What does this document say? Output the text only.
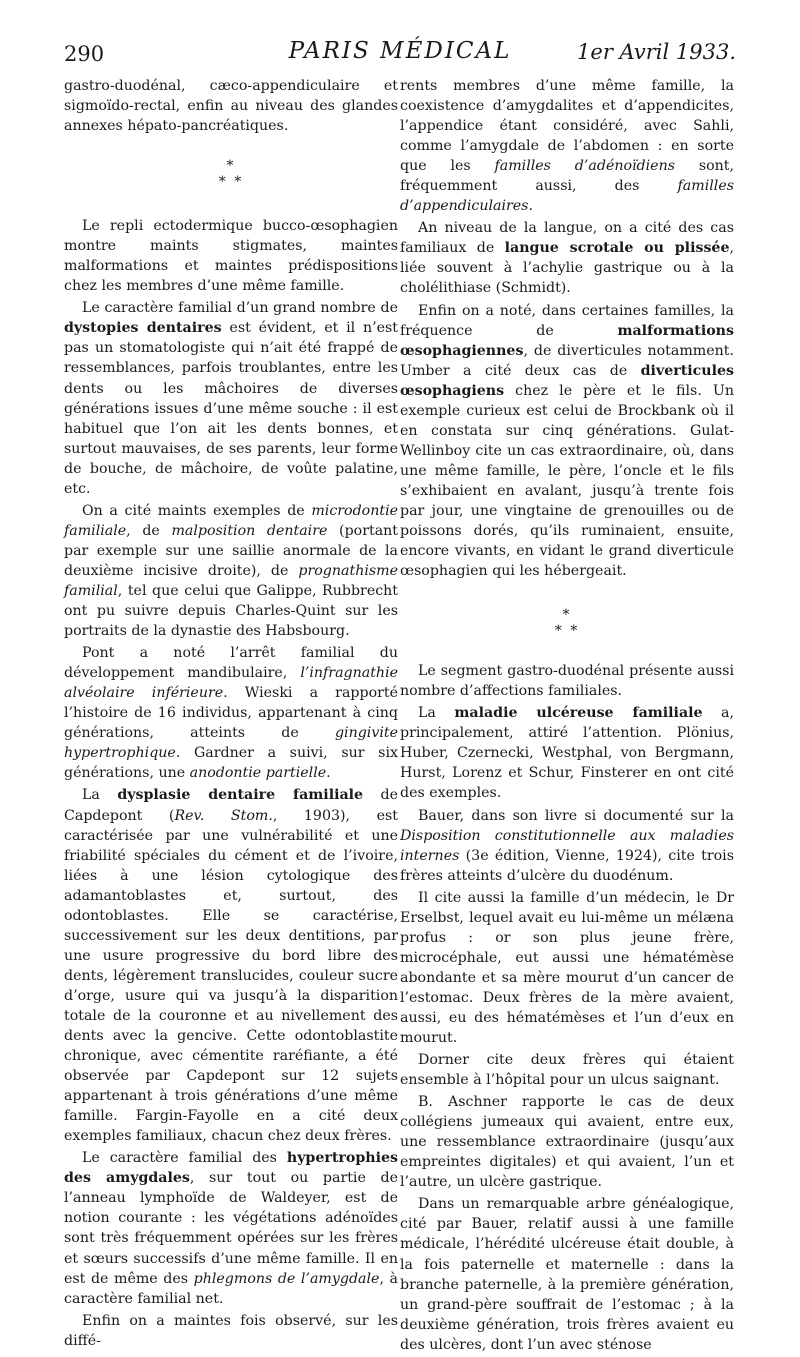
290	PARIS MÉDICAL	1er Avril 1933.

gastro-duodénal, cæco-appendiculaire et sigmoïdo-rectal, enfin au niveau des glandes annexes hépato-pancréatiques.

*
* *

Le repli ectodermique bucco-œsophagien montre maints stigmates, maintes malformations et maintes prédispositions chez les membres d’une même famille.

Le caractère familial d’un grand nombre de dystopies dentaires est évident, et il n’est pas un stomatologiste qui n’ait été frappé de ressemblances, parfois troublantes, entre les dents ou les mâchoires de diverses générations issues d’une même souche : il est habituel que l’on ait les dents bonnes, et surtout mauvaises, de ses parents, leur forme de bouche, de mâchoire, de voûte palatine, etc.

On a cité maints exemples de microdontie familiale, de malposition dentaire (portant par exemple sur une saillie anormale de la deuxième incisive droite), de prognathisme familial, tel que celui que Galippe, Rubbrecht ont pu suivre depuis Charles-Quint sur les portraits de la dynastie des Habsbourg.

Pont a noté l’arrêt familial du développement mandibulaire, l’infragnathie alvéolaire inférieure. Wieski a rapporté l’histoire de 16 individus, appartenant à cinq générations, atteints de gingivite hypertrophique. Gardner a suivi, sur six générations, une anodontie partielle.

La dysplasie dentaire familiale de Capdepont (Rev. Stom., 1903), est caractérisée par une vulnérabilité et une friabilité spéciales du cément et de l’ivoire, liées à une lésion cytologique des adamantoblastes et, surtout, des odontoblastes. Elle se caractérise, successivement sur les deux dentitions, par une usure progressive du bord libre des dents, légèrement translucides, couleur sucre d’orge, usure qui va jusqu’à la disparition totale de la couronne et au nivellement des dents avec la gencive. Cette odontoblastite chronique, avec cémentite raréfiante, a été observée par Capdepont sur 12 sujets appartenant à trois générations d’une même famille. Fargin-Fayolle en a cité deux exemples familiaux, chacun chez deux frères.

Le caractère familial des hypertrophies des amygdales, sur tout ou partie de l’anneau lymphoïde de Waldeyer, est de notion courante : les végétations adénoïdes sont très fréquemment opérées sur les frères et sœurs successifs d’une même famille. Il en est de même des phlegmons de l’amygdale, à caractère familial net.

Enfin on a maintes fois observé, sur les diffé-

rents membres d’une même famille, la coexistence d’amygdalites et d’appendicites, l’appendice étant considéré, avec Sahli, comme l’amygdale de l’abdomen : en sorte que les familles d’adénoïdiens sont, fréquemment aussi, des familles d’appendiculaires.

An niveau de la langue, on a cité des cas familiaux de langue scrotale ou plissée, liée souvent à l’achylie gastrique ou à la cholélithiase (Schmidt).

Enfin on a noté, dans certaines familles, la fréquence de malformations œsophagiennes, de diverticules notamment. Umber a cité deux cas de diverticules œsophagiens chez le père et le fils. Un exemple curieux est celui de Brockbank où il en constata sur cinq générations. Gulat-Wellinboy cite un cas extraordinaire, où, dans une même famille, le père, l’oncle et le fils s’exhibaient en avalant, jusqu’à trente fois par jour, une vingtaine de grenouilles ou de poissons dorés, qu’ils ruminaient, ensuite, encore vivants, en vidant le grand diverticule œsophagien qui les hébergeait.

*
* *

Le segment gastro-duodénal présente aussi nombre d’affections familiales.

La maladie ulcéreuse familiale a, principalement, attiré l’attention. Plönius, Huber, Czernecki, Westphal, von Bergmann, Hurst, Lorenz et Schur, Finsterer en ont cité des exemples.

Bauer, dans son livre si documenté sur la Disposition constitutionnelle aux maladies internes (3e édition, Vienne, 1924), cite trois frères atteints d’ulcère du duodénum.

Il cite aussi la famille d’un médecin, le Dr Erselbst, lequel avait eu lui-même un mélæna profus : or son plus jeune frère, microcéphale, eut aussi une hématémèse abondante et sa mère mourut d’un cancer de l’estomac. Deux frères de la mère avaient, aussi, eu des hématémèses et l’un d’eux en mourut.

Dorner cite deux frères qui étaient ensemble à l’hôpital pour un ulcus saignant.

B. Aschner rapporte le cas de deux collégiens jumeaux qui avaient, entre eux, une ressemblance extraordinaire (jusqu’aux empreintes digitales) et qui avaient, l’un et l’autre, un ulcère gastrique.

Dans un remarquable arbre généalogique, cité par Bauer, relatif aussi à une famille médicale, l’hérédité ulcéreuse était double, à la fois paternelle et maternelle : dans la branche paternelle, à la première génération, un grand-père souffrait de l’estomac ; à la deuxième génération, trois frères avaient eu des ulcères, dont l’un avec sténose
